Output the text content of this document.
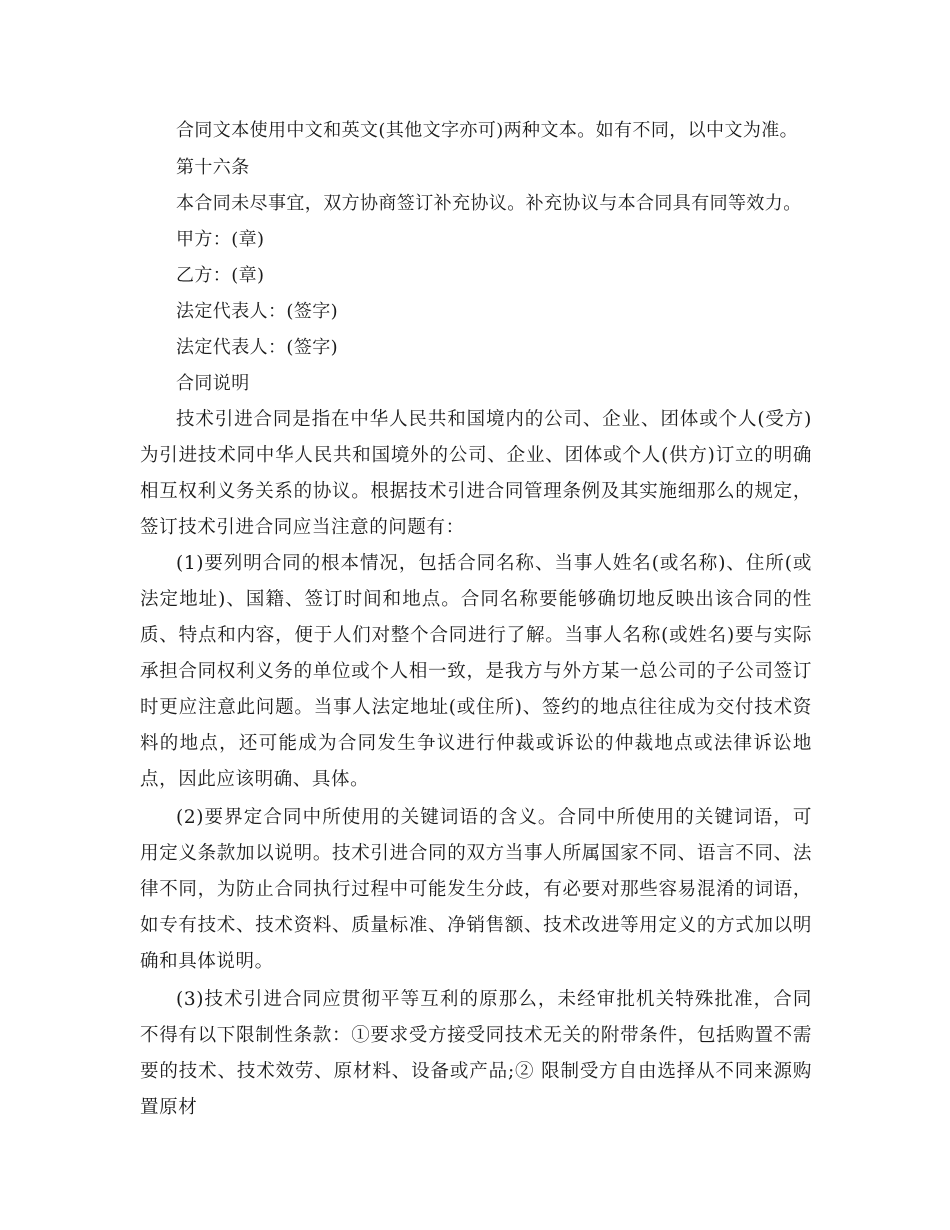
合同文本使用中文和英文(其他文字亦可)两种文本。如有不同，以中文为准。
第十六条
本合同未尽事宜，双方协商签订补充协议。补充协议与本合同具有同等效力。
甲方：(章)
乙方：(章)
法定代表人：(签字)
法定代表人：(签字)
合同说明

技术引进合同是指在中华人民共和国境内的公司、企业、团体或个人(受方)为引进技术同中华人民共和国境外的公司、企业、团体或个人(供方)订立的明确相互权利义务关系的协议。根据技术引进合同管理条例及其实施细那么的规定，签订技术引进合同应当注意的问题有：

(1)要列明合同的根本情况，包括合同名称、当事人姓名(或名称)、住所(或法定地址)、国籍、签订时间和地点。合同名称要能够确切地反映出该合同的性质、特点和内容，便于人们对整个合同进行了解。当事人名称(或姓名)要与实际承担合同权利义务的单位或个人相一致，是我方与外方某一总公司的子公司签订时更应注意此问题。当事人法定地址(或住所)、签约的地点往往成为交付技术资料的地点，还可能成为合同发生争议进行仲裁或诉讼的仲裁地点或法律诉讼地点，因此应该明确、具体。

(2)要界定合同中所使用的关键词语的含义。合同中所使用的关键词语，可用定义条款加以说明。技术引进合同的双方当事人所属国家不同、语言不同、法律不同，为防止合同执行过程中可能发生分歧，有必要对那些容易混淆的词语，如专有技术、技术资料、质量标准、净销售额、技术改进等用定义的方式加以明确和具体说明。

(3)技术引进合同应贯彻平等互利的原那么，未经审批机关特殊批准，合同不得有以下限制性条款：①要求受方接受同技术无关的附带条件，包括购置不需要的技术、技术效劳、原材料、设备或产品;② 限制受方自由选择从不同来源购置原材
